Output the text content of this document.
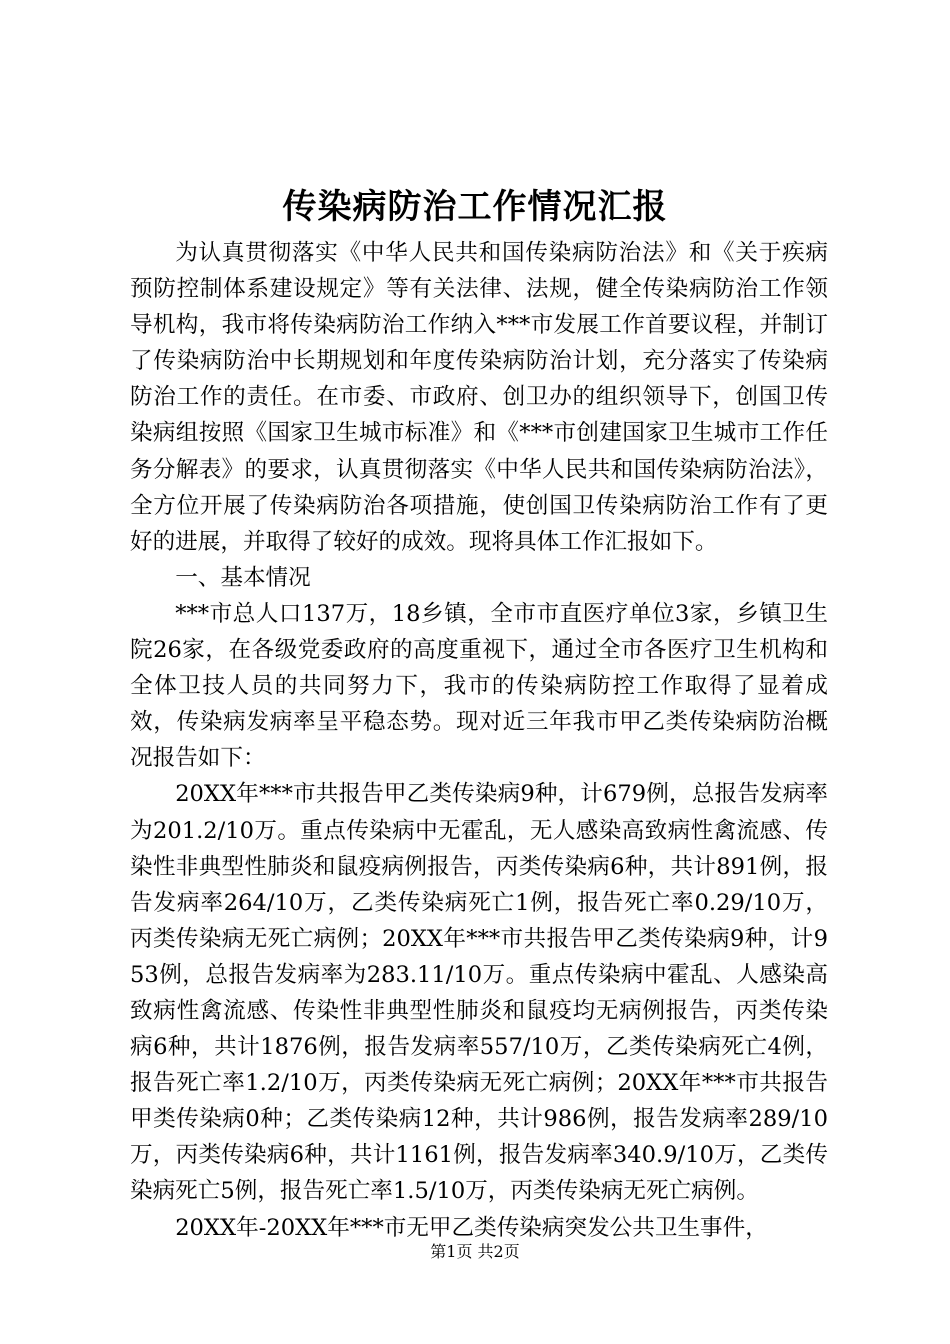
传染病防治工作情况汇报

为认真贯彻落实《中华人民共和国传染病防治法》和《关于疾病预防控制体系建设规定》等有关法律、法规，健全传染病防治工作领导机构，我市将传染病防治工作纳入***市发展工作首要议程，并制订了传染病防治中长期规划和年度传染病防治计划，充分落实了传染病防治工作的责任。在市委、市政府、创卫办的组织领导下，创国卫传染病组按照《国家卫生城市标准》和《***市创建国家卫生城市工作任务分解表》的要求，认真贯彻落实《中华人民共和国传染病防治法》，全方位开展了传染病防治各项措施，使创国卫传染病防治工作有了更好的进展，并取得了较好的成效。现将具体工作汇报如下。

一、基本情况

***市总人口137万，18乡镇，全市市直医疗单位3家，乡镇卫生院26家，在各级党委政府的高度重视下，通过全市各医疗卫生机构和全体卫技人员的共同努力下，我市的传染病防控工作取得了显着成效，传染病发病率呈平稳态势。现对近三年我市甲乙类传染病防治概况报告如下：

20XX年***市共报告甲乙类传染病9种，计679例，总报告发病率为201.2/10万。重点传染病中无霍乱，无人感染高致病性禽流感、传染性非典型性肺炎和鼠疫病例报告，丙类传染病6种，共计891例，报告发病率264/10万，乙类传染病死亡1例，报告死亡率0.29/10万，丙类传染病无死亡病例；20XX年***市共报告甲乙类传染病9种，计953例，总报告发病率为283.11/10万。重点传染病中霍乱、人感染高致病性禽流感、传染性非典型性肺炎和鼠疫均无病例报告，丙类传染病6种，共计1876例，报告发病率557/10万，乙类传染病死亡4例，报告死亡率1.2/10万，丙类传染病无死亡病例；20XX年***市共报告甲类传染病0种；乙类传染病12种，共计986例，报告发病率289/10万，丙类传染病6种，共计1161例，报告发病率340.9/10万，乙类传染病死亡5例，报告死亡率1.5/10万，丙类传染病无死亡病例。

20XX年-20XX年***市无甲乙类传染病突发公共卫生事件，

第1页 共2页
